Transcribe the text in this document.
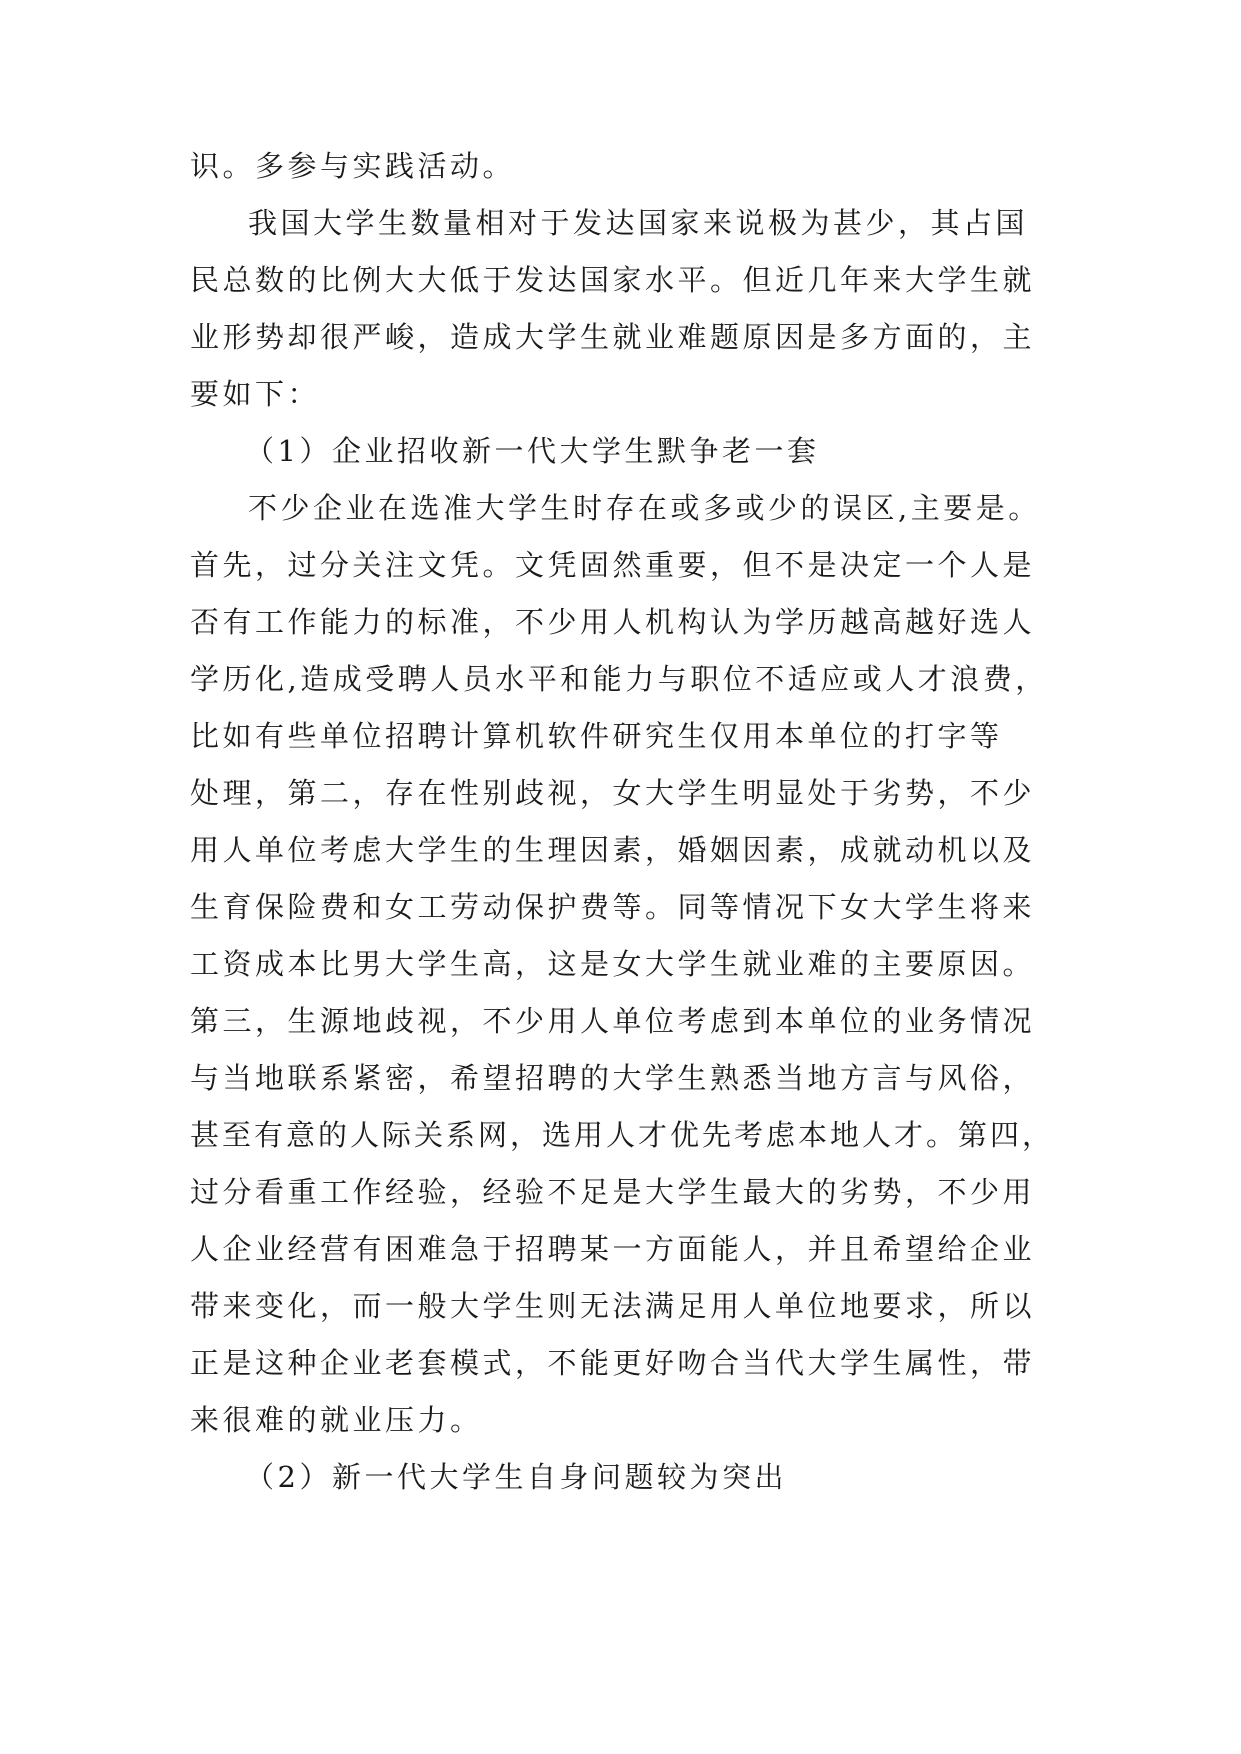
识。多参与实践活动。
我国大学生数量相对于发达国家来说极为甚少，其占国
民总数的比例大大低于发达国家水平。但近几年来大学生就
业形势却很严峻，造成大学生就业难题原因是多方面的，主
要如下：
（1）企业招收新一代大学生默争老一套
不少企业在选准大学生时存在或多或少的误区,主要是。
首先，过分关注文凭。文凭固然重要，但不是决定一个人是
否有工作能力的标准，不少用人机构认为学历越高越好选人
学历化,造成受聘人员水平和能力与职位不适应或人才浪费，
比如有些单位招聘计算机软件研究生仅用本单位的打字等
处理，第二，存在性别歧视，女大学生明显处于劣势，不少
用人单位考虑大学生的生理因素，婚姻因素，成就动机以及
生育保险费和女工劳动保护费等。同等情况下女大学生将来
工资成本比男大学生高，这是女大学生就业难的主要原因。
第三，生源地歧视，不少用人单位考虑到本单位的业务情况
与当地联系紧密，希望招聘的大学生熟悉当地方言与风俗，
甚至有意的人际关系网，选用人才优先考虑本地人才。第四，
过分看重工作经验，经验不足是大学生最大的劣势，不少用
人企业经营有困难急于招聘某一方面能人，并且希望给企业
带来变化，而一般大学生则无法满足用人单位地要求，所以
正是这种企业老套模式，不能更好吻合当代大学生属性，带
来很难的就业压力。
（2）新一代大学生自身问题较为突出
